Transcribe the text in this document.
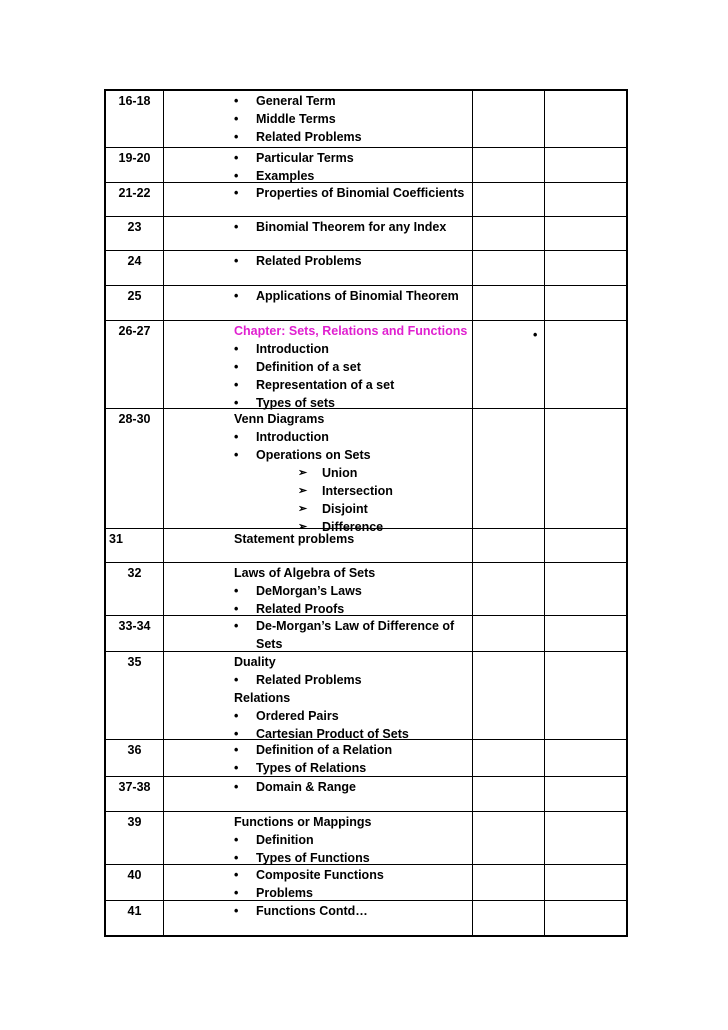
•
16-18	•	General Term
•	Middle Terms
•	Related Problems
19-20	•	Particular Terms
•	Examples
21-22	•	Properties of Binomial Coefficients
23	•	Binomial Theorem for any Index
24	•	Related Problems
25	•	Applications of Binomial Theorem
26-27	Chapter: Sets, Relations and Functions
•	Introduction
•	Definition of a set
•	Representation of a set
•	Types of sets
28-30	Venn Diagrams
•	Introduction
•	Operations on Sets
➢	Union
➢	Intersection
➢	Disjoint
➢	Difference
31	Statement problems
32	Laws of Algebra of Sets
•	DeMorgan’s Laws
•	Related Proofs
33-34	•	De-Morgan’s Law of Difference of
Sets
35	Duality
•	Related Problems
Relations
•	Ordered Pairs
•	Cartesian Product of Sets
36	•	Definition of a Relation
•	Types of Relations
37-38	•	Domain & Range
39	Functions or Mappings
•	Definition
•	Types of Functions
40	•	Composite Functions
•	Problems
41	•	Functions Contd…
